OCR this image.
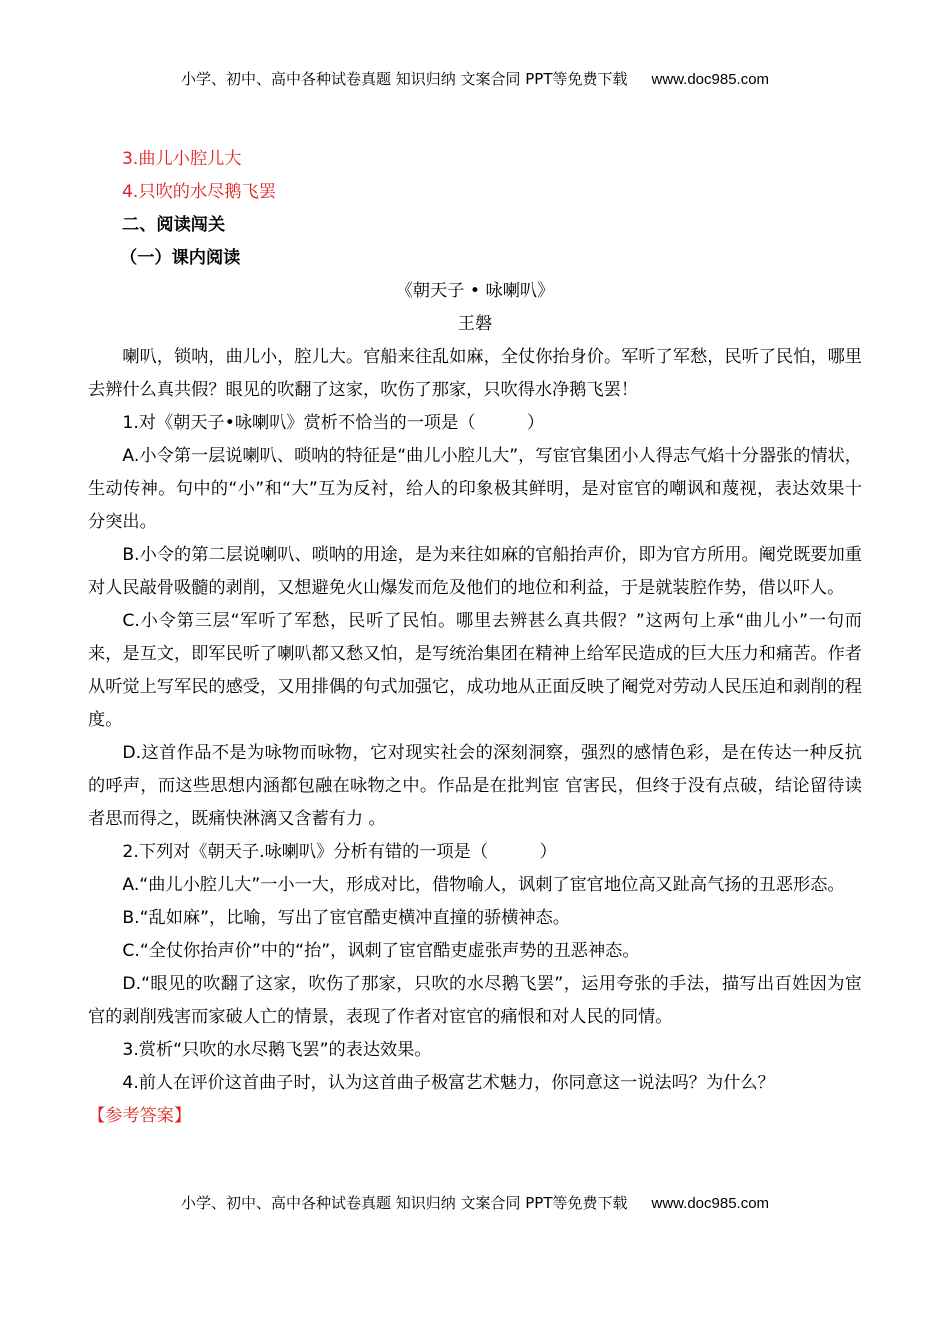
小学、初中、高中各种试卷真题 知识归纳 文案合同 PPT等免费下载 www.doc985.com

3.曲儿小腔儿大

4.只吹的水尽鹅飞罢

二、阅读闯关

（一）课内阅读

《朝天子 • 咏喇叭》

王磐

喇叭，锁呐，曲儿小，腔儿大。官船来往乱如麻，全仗你抬身价。军听了军愁，民听了民怕，哪里去辨什么真共假？眼见的吹翻了这家，吹伤了那家，只吹得水净鹅飞罢！

1.对《朝天子•咏喇叭》赏析不恰当的一项是（　　　）

A.小令第一层说喇叭、唢呐的特征是“曲儿小腔儿大”，写宦官集团小人得志气焰十分器张的情状，生动传神。句中的“小”和“大”互为反衬，给人的印象极其鲜明，是对宦官的嘲讽和蔑视，表达效果十分突出。

B.小令的第二层说喇叭、唢呐的用途，是为来往如麻的官船抬声价，即为官方所用。阉党既要加重对人民敲骨吸髓的剥削，又想避免火山爆发而危及他们的地位和利益，于是就装腔作势，借以吓人。

C.小令第三层“军听了军愁，民听了民怕。哪里去辨甚么真共假？”这两句上承“曲儿小”一句而来，是互文，即军民听了喇叭都又愁又怕，是写统治集团在精神上给军民造成的巨大压力和痛苦。作者从听觉上写军民的感受，又用排偶的句式加强它，成功地从正面反映了阉党对劳动人民压迫和剥削的程度。

D.这首作品不是为咏物而咏物，它对现实社会的深刻洞察，强烈的感情色彩，是在传达一种反抗的呼声，而这些思想内涵都包融在咏物之中。作品是在批判宦 官害民，但终于没有点破，结论留待读者思而得之，既痛快淋漓又含蓄有力 。

2.下列对《朝天子.咏喇叭》分析有错的一项是（　　　）

A.“曲儿小腔儿大”一小一大，形成对比，借物喻人，讽刺了宦官地位高又趾高气扬的丑恶形态。

B.“乱如麻”，比喻，写出了宦官酷吏横冲直撞的骄横神态。

C.“全仗你抬声价”中的“抬”，讽刺了宦官酷吏虚张声势的丑恶神态。

D.“眼见的吹翻了这家，吹伤了那家，只吹的水尽鹅飞罢”，运用夸张的手法，描写出百姓因为宦官的剥削残害而家破人亡的情景，表现了作者对宦官的痛恨和对人民的同情。

3.赏析“只吹的水尽鹅飞罢”的表达效果。

4.前人在评价这首曲子时，认为这首曲子极富艺术魅力，你同意这一说法吗？为什么？

【参考答案】

小学、初中、高中各种试卷真题 知识归纳 文案合同 PPT等免费下载 www.doc985.com
